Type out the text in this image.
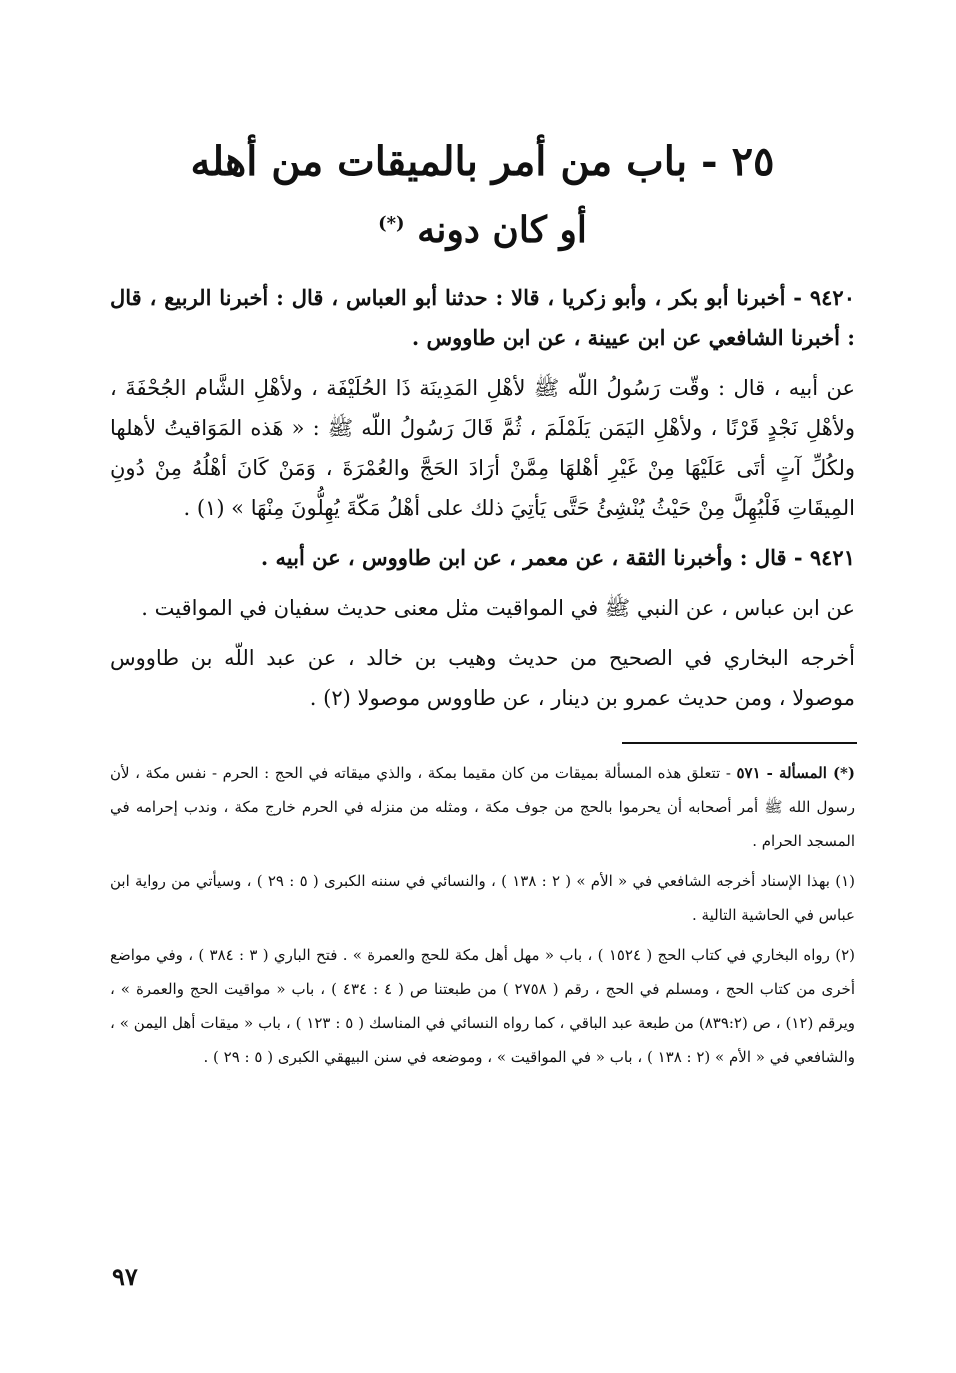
٢٥ - باب من أمر بالميقات من أهله
أو كان دونه (*)

٩٤٢٠ - أخبرنا أبو بكر ، وأبو زكريا ، قالا : حدثنا أبو العباس ، قال : أخبرنا الربيع ، قال : أخبرنا الشافعي عن ابن عيينة ، عن ابن طاووس .

عن أبيه ، قال : وقّت رَسُولُ اللّه ﷺ لأهْلِ المَدِينَة ذَا الحُلَيْفَة ، ولأهْلِ الشَّام الجُحْفَةَ ، ولأهْلِ نَجْدٍ قَرْنًا ، ولأهْلِ اليَمَن يَلَمْلَمَ ، ثُمَّ قَالَ رَسُولُ اللّه ﷺ : « هَذه المَوَاقيتُ لأهلها ولكُلِّ آتٍ أتَى عَلَيْهَا مِنْ غَيْرِ أهْلهَا مِمَّنْ أرَادَ الحَجَّ والعُمْرَةَ ، وَمَنْ كَانَ أهْلُهُ مِنْ دُونِ المِيقَاتِ فَلْيُهِلَّ مِنْ حَيْثُ يُنْشِئُ حَتَّى يَأتِيَ ذلك على أهْلُ مَكّةَ يُهِلُّونَ مِنْهَا » (١) .

٩٤٢١ - قال : وأخبرنا الثقة ، عن معمر ، عن ابن طاووس ، عن أبيه .

عن ابن عباس ، عن النبي ﷺ في المواقيت مثل معنى حديث سفيان في المواقيت .

أخرجه البخاري في الصحيح من حديث وهيب بن خالد ، عن عبد اللّه بن طاووس موصولا ، ومن حديث عمرو بن دينار ، عن طاووس موصولا (٢) .

(*) المسألة - ٥٧١ - تتعلق هذه المسألة بميقات من كان مقيما بمكة ، والذي ميقاته في الحج : الحرم - نفس مكة ، لأن رسول الله ﷺ أمر أصحابه أن يحرموا بالحج من جوف مكة ، ومثله من منزله في الحرم خارج مكة ، وندب إحرامه في المسجد الحرام .

(١) بهذا الإسناد أخرجه الشافعي في « الأم » ( ٢ : ١٣٨ ) ، والنسائي في سننه الكبرى ( ٥ : ٢٩ ) ، وسيأتي من رواية ابن عباس في الحاشية التالية .

(٢) رواه البخاري في كتاب الحج ( ١٥٢٤ ) ، باب « مهل أهل مكة للحج والعمرة » . فتح الباري ( ٣ : ٣٨٤ ) ، وفي مواضع أخرى من كتاب الحج ، ومسلم في الحج ، رقم ( ٢٧٥٨ ) من طبعتنا ص ( ٤ : ٤٣٤ ) ، باب « مواقيت الحج والعمرة » ، ويرقم (١٢) ، ص (٨٣٩:٢) من طبعة عبد الباقي ، كما رواه النسائي في المناسك ( ٥ : ١٢٣ ) ، باب « ميقات أهل اليمن » ، والشافعي في « الأم » (٢ : ١٣٨ ) ، باب « في المواقيت » ، وموضعه في سنن البيهقي الكبرى ( ٥ : ٢٩ ) .

٩٧
